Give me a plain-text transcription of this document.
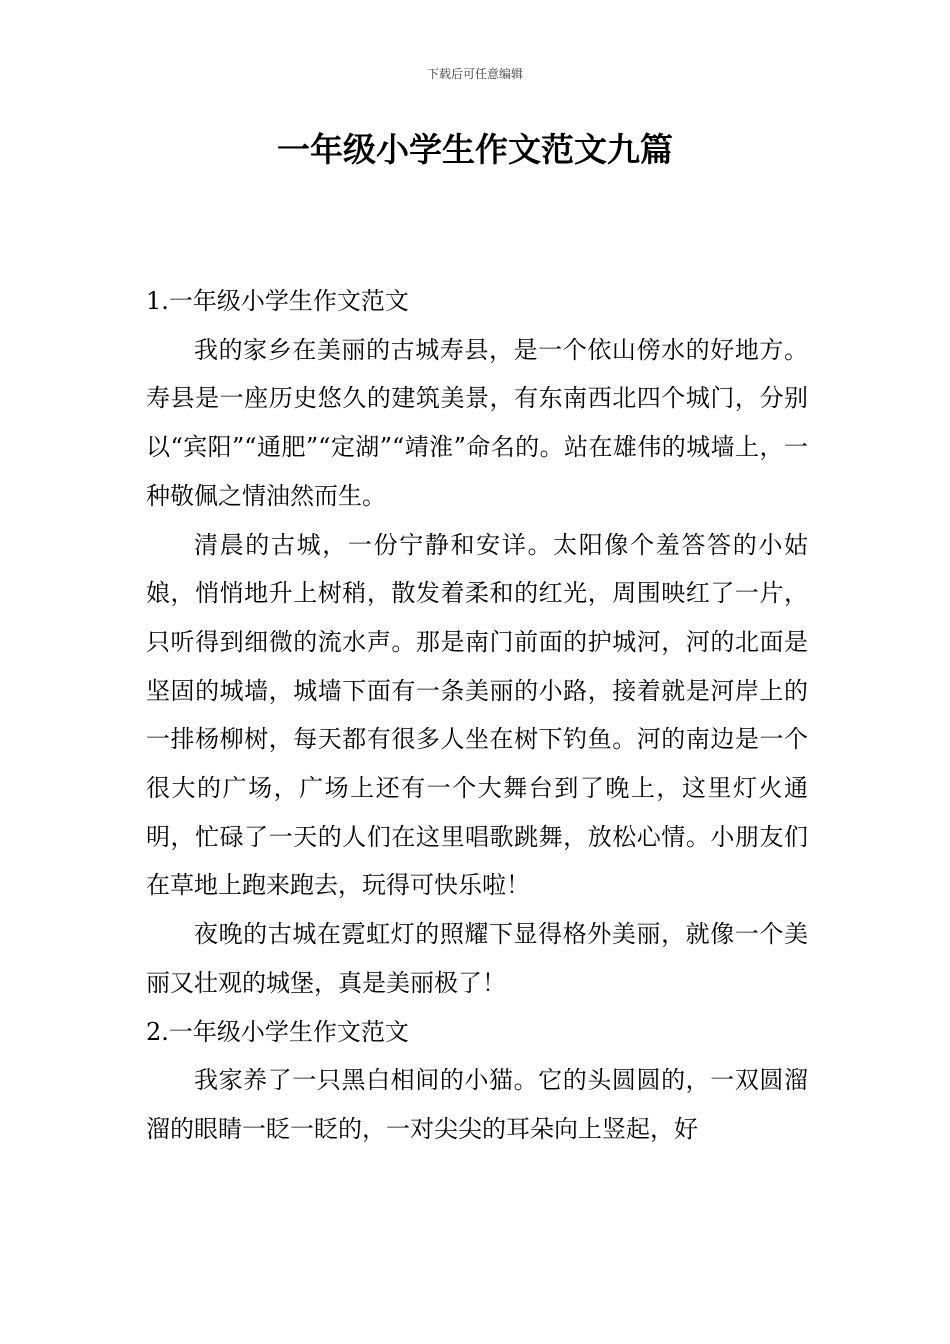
下载后可任意编辑
一年级小学生作文范文九篇

1.一年级小学生作文范文

我的家乡在美丽的古城寿县，是一个依山傍水的好地方。寿县是一座历史悠久的建筑美景，有东南西北四个城门，分别以“宾阳”“通肥”“定湖”“靖淮”命名的。站在雄伟的城墙上，一种敬佩之情油然而生。

清晨的古城，一份宁静和安详。太阳像个羞答答的小姑娘，悄悄地升上树稍，散发着柔和的红光，周围映红了一片，只听得到细微的流水声。那是南门前面的护城河，河的北面是坚固的城墙，城墙下面有一条美丽的小路，接着就是河岸上的一排杨柳树，每天都有很多人坐在树下钓鱼。河的南边是一个很大的广场，广场上还有一个大舞台到了晚上，这里灯火通明，忙碌了一天的人们在这里唱歌跳舞，放松心情。小朋友们在草地上跑来跑去，玩得可快乐啦！

夜晚的古城在霓虹灯的照耀下显得格外美丽，就像一个美丽又壮观的城堡，真是美丽极了！

2.一年级小学生作文范文

我家养了一只黑白相间的小猫。它的头圆圆的，一双圆溜溜的眼睛一眨一眨的，一对尖尖的耳朵向上竖起，好
